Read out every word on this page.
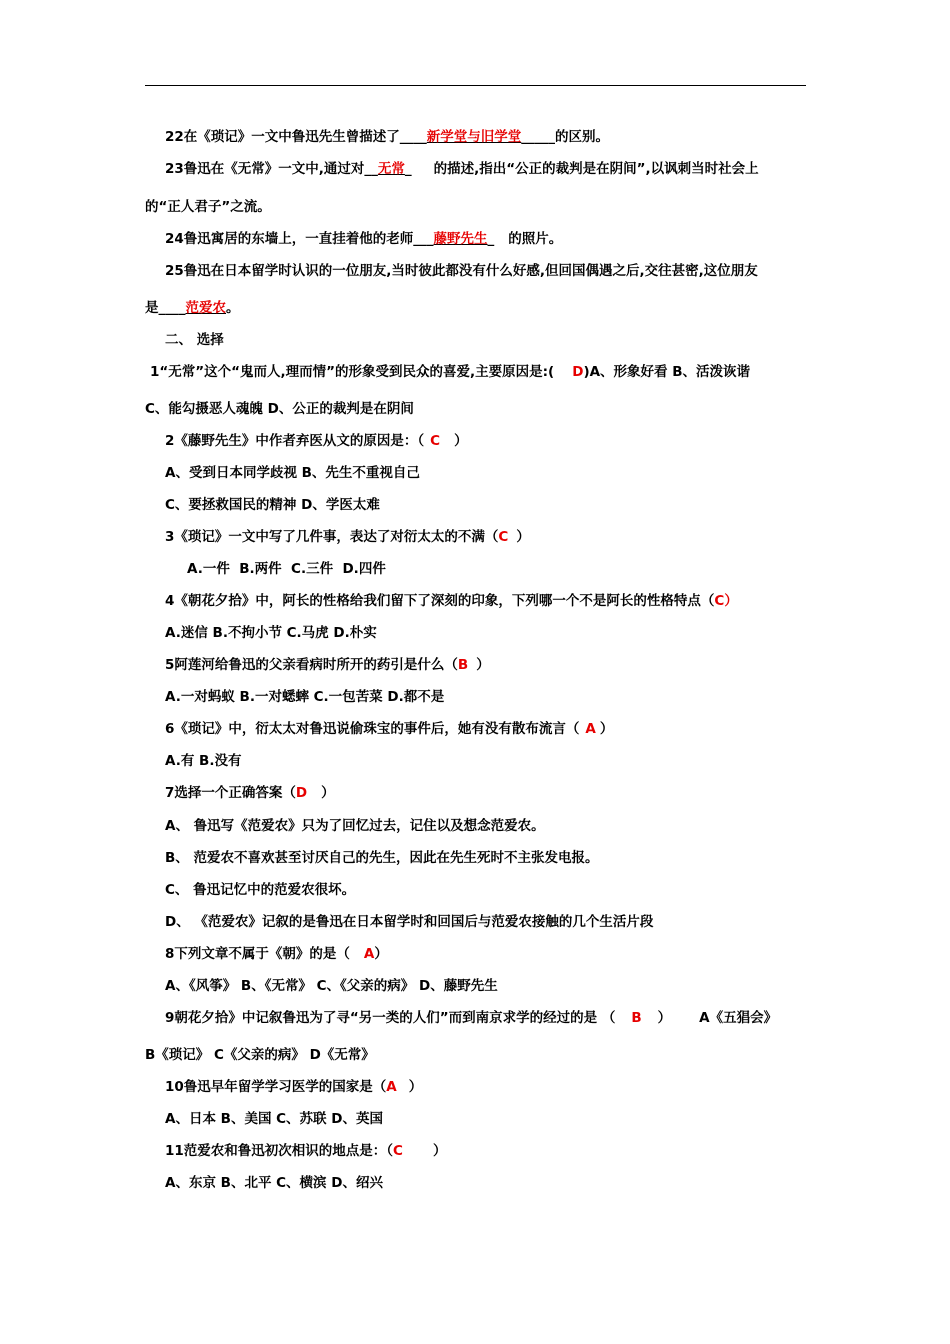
22在《琐记》一文中鲁迅先生曾描述了____新学堂与旧学堂_____的区别。
23鲁迅在《无常》一文中,通过对__无常_ 的描述,指出“公正的裁判是在阴间”,以讽刺当时社会上
的“正人君子”之流。
24鲁迅寓居的东墙上，一直挂着他的老师___藤野先生_ 的照片。
25鲁迅在日本留学时认识的一位朋友,当时彼此都没有什么好感,但回国偶遇之后,交往甚密,这位朋友
是____范爱农。
二、 选择
1“无常”这个“鬼而人,理而情”的形象受到民众的喜爱,主要原因是:( D)A、形象好看 B、活泼诙谐
C、能勾摄恶人魂魄 D、公正的裁判是在阴间
2《藤野先生》中作者弃医从文的原因是：（ C ）
A、受到日本同学歧视 B、先生不重视自己
C、要拯救国民的精神 D、学医太难
3《琐记》一文中写了几件事，表达了对衍太太的不满（C ）
A.一件  B.两件  C.三件  D.四件
4《朝花夕拾》中，阿长的性格给我们留下了深刻的印象，下列哪一个不是阿长的性格特点（C）
A.迷信 B.不拘小节 C.马虎 D.朴实
5阿莲河给鲁迅的父亲看病时所开的药引是什么（B ）
A.一对蚂蚁 B.一对蟋蟀 C.一包苦菜 D.都不是
6《琐记》中，衍太太对鲁迅说偷珠宝的事件后，她有没有散布流言（ A ）
A.有 B.没有
7选择一个正确答案（D ）
A、 鲁迅写《范爱农》只为了回忆过去，记住以及想念范爱农。
B、 范爱农不喜欢甚至讨厌自己的先生，因此在先生死时不主张发电报。
C、 鲁迅记忆中的范爱农很坏。
D、 《范爱农》记叙的是鲁迅在日本留学时和回国后与范爱农接触的几个生活片段
8下列文章不属于《朝》的是（ A）
A、《风筝》 B、《无常》 C、《父亲的病》 D、藤野先生
9朝花夕拾》中记叙鲁迅为了寻“另一类的人们”而到南京求学的经过的是 （ B ） A《五猖会》
B《琐记》 C《父亲的病》 D《无常》
10鲁迅早年留学学习医学的国家是（A ）
A、日本 B、美国 C、苏联 D、英国
11范爱农和鲁迅初次相识的地点是：（C ）
A、东京 B、北平 C、横滨 D、绍兴
